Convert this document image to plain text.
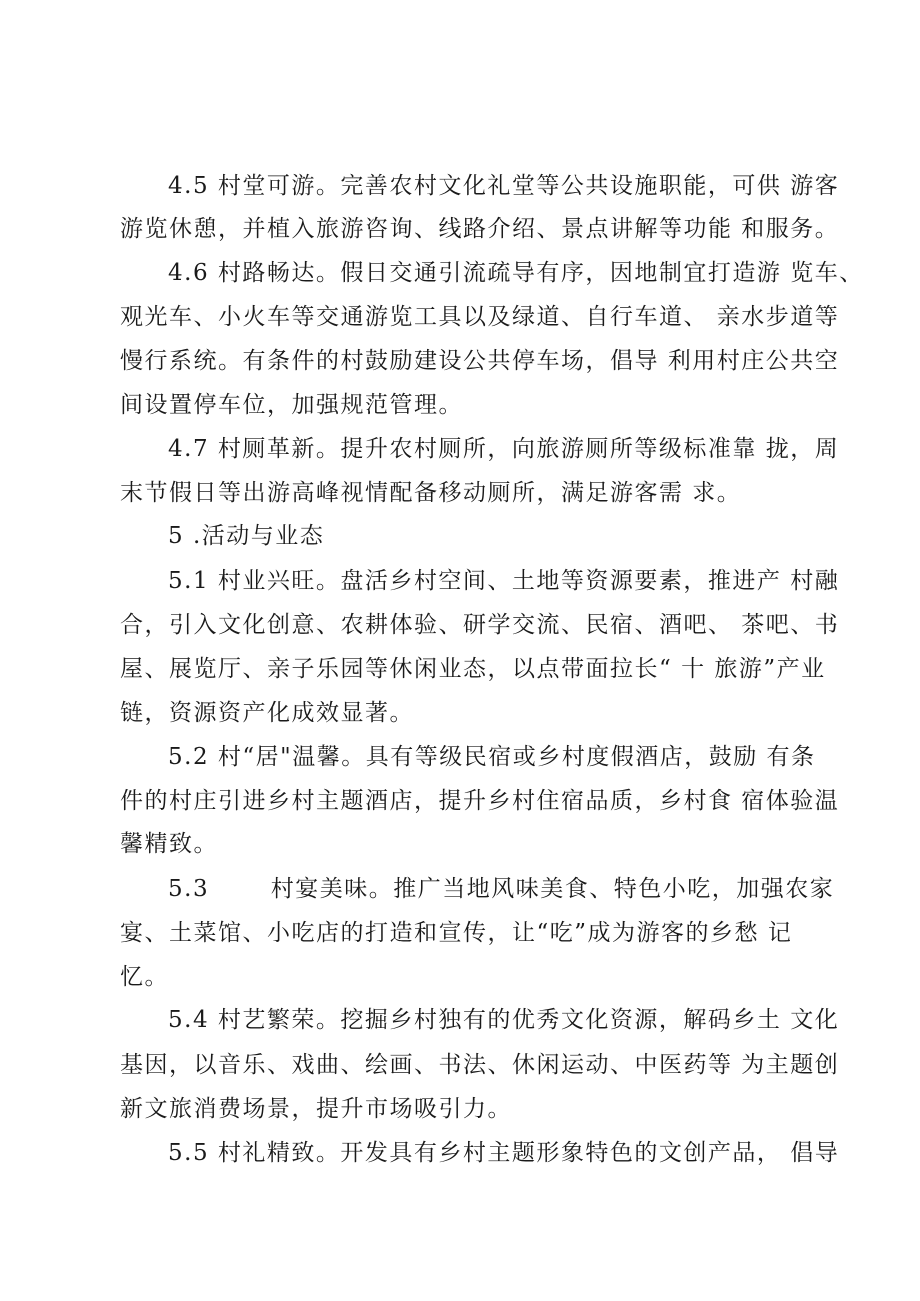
4.5 村堂可游。完善农村文化礼堂等公共设施职能，可供 游客
游览休憩，并植入旅游咨询、线路介绍、景点讲解等功能 和服务。
4.6 村路畅达。假日交通引流疏导有序，因地制宜打造游 览车、
观光车、小火车等交通游览工具以及绿道、自行车道、 亲水步道等
慢行系统。有条件的村鼓励建设公共停车场，倡导 利用村庄公共空
间设置停车位，加强规范管理。
4.7 村厕革新。提升农村厕所，向旅游厕所等级标准靠 拢，周
末节假日等出游高峰视情配备移动厕所，满足游客需 求。
5 .活动与业态
5.1 村业兴旺。盘活乡村空间、土地等资源要素，推进产 村融
合，引入文化创意、农耕体验、研学交流、民宿、酒吧、 茶吧、书
屋、展览厅、亲子乐园等休闲业态，以点带面拉长“ 十 旅游”产业
链，资源资产化成效显著。
5.2 村“居"温馨。具有等级民宿或乡村度假酒店，鼓励 有条
件的村庄引进乡村主题酒店，提升乡村住宿品质，乡村食 宿体验温
馨精致。
5.3       村宴美味。推广当地风味美食、特色小吃，加强农家
宴、土菜馆、小吃店的打造和宣传，让“吃”成为游客的乡愁 记
忆。
5.4 村艺繁荣。挖掘乡村独有的优秀文化资源，解码乡土 文化
基因，以音乐、戏曲、绘画、书法、休闲运动、中医药等 为主题创
新文旅消费场景，提升市场吸引力。
5.5 村礼精致。开发具有乡村主题形象特色的文创产品， 倡导
